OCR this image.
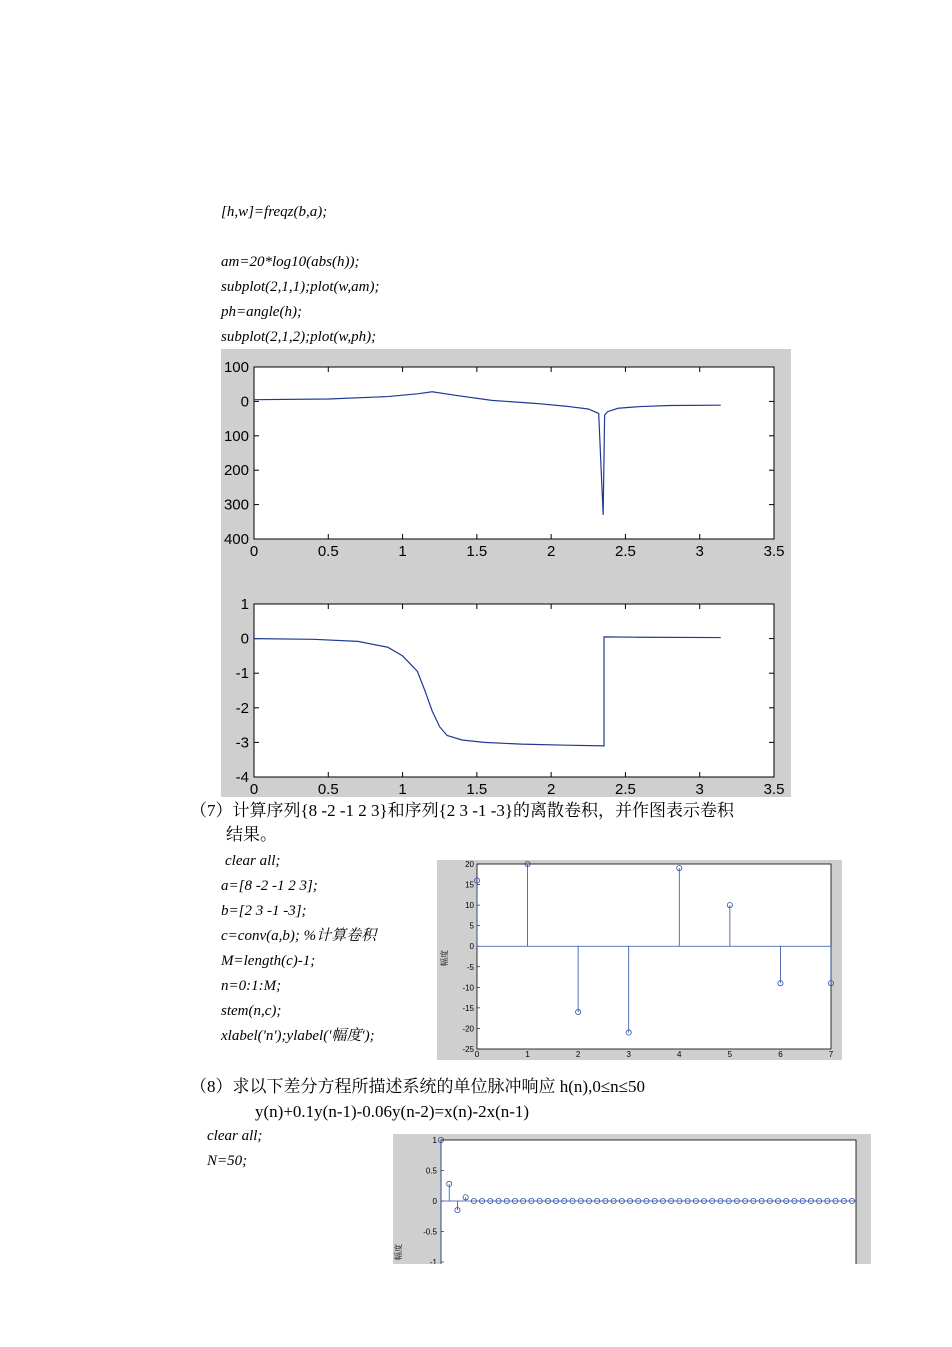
[h,w]=freqz(b,a);
am=20*log10(abs(h));
subplot(2,1,1);plot(w,am);
ph=angle(h);
subplot(2,1,2);plot(w,ph);
0	0.5	1	1.5	2	2.5	3	3.5
100
0
100
200
300
400
0	0.5	1	1.5	2	2.5	3	3.5
1
0
-1
-2
-3
-4
（7）计算序列{8 -2 -1 2 3}和序列{2 3 -1 -3}的离散卷积，并作图表示卷积
结果。
clear all;
a=[8 -2 -1 2 3];
b=[2 3 -1 -3];
c=conv(a,b); %计算卷积
M=length(c)-1;
n=0:1:M;
stem(n,c);
xlabel('n');ylabel('幅度');
20
15
10
5
0
-5
-10
-15
-20
-25
0	1	2	3	4	5	6	7
幅度
（8）求以下差分方程所描述系统的单位脉冲响应 h(n),0≤n≤50
y(n)+0.1y(n-1)-0.06y(n-2)=x(n)-2x(n-1)
clear all;
N=50;
1
0.5
0
-0.5
-1
幅度
